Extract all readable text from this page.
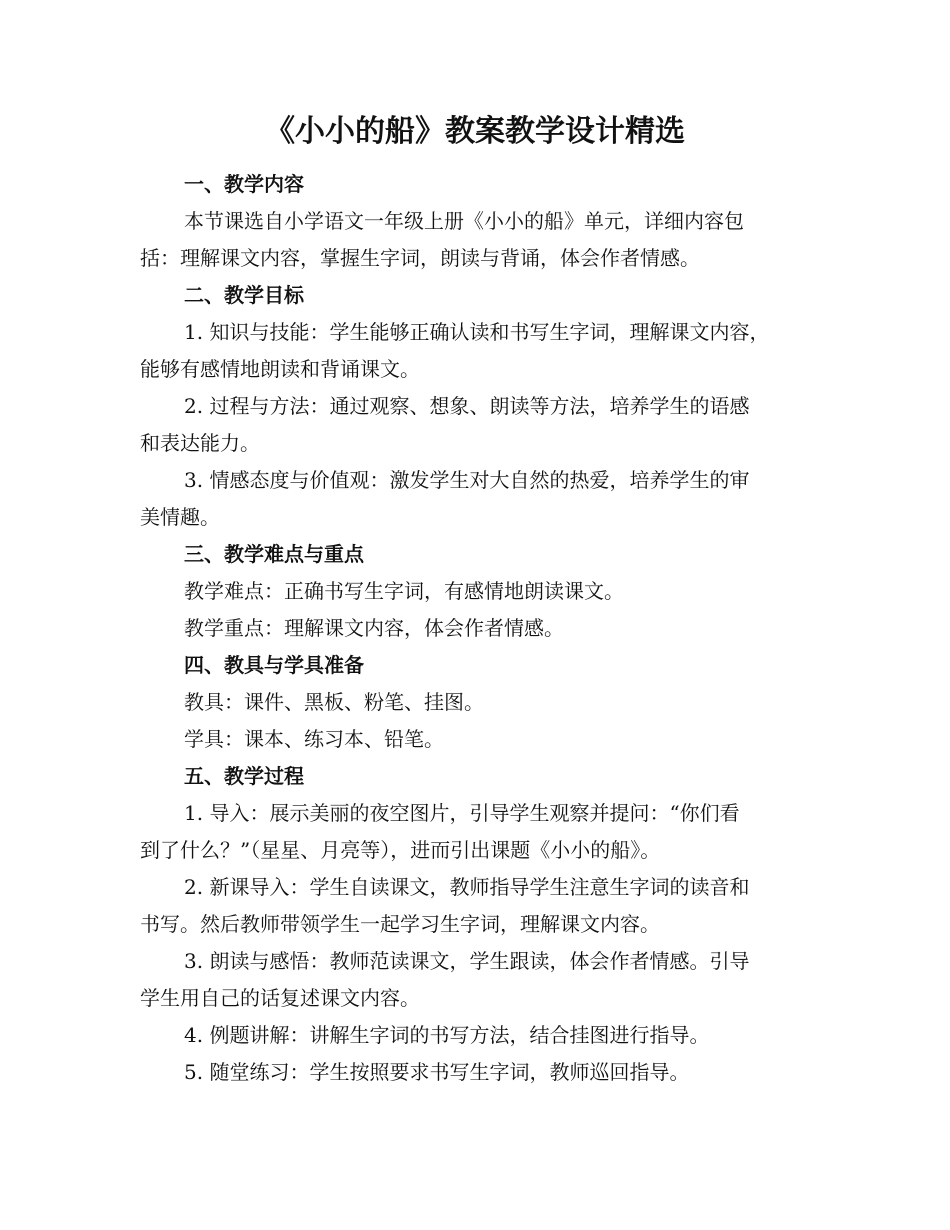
《小小的船》教案教学设计精选
一、教学内容
本节课选自小学语文一年级上册《小小的船》单元，详细内容包
括：理解课文内容，掌握生字词，朗读与背诵，体会作者情感。
二、教学目标
1. 知识与技能：学生能够正确认读和书写生字词，理解课文内容，
能够有感情地朗读和背诵课文。
2. 过程与方法：通过观察、想象、朗读等方法，培养学生的语感
和表达能力。
3. 情感态度与价值观：激发学生对大自然的热爱，培养学生的审
美情趣。
三、教学难点与重点
教学难点：正确书写生字词，有感情地朗读课文。
教学重点：理解课文内容，体会作者情感。
四、教具与学具准备
教具：课件、黑板、粉笔、挂图。
学具：课本、练习本、铅笔。
五、教学过程
1. 导入：展示美丽的夜空图片，引导学生观察并提问：“你们看
到了什么？”（星星、月亮等），进而引出课题《小小的船》。
2. 新课导入：学生自读课文，教师指导学生注意生字词的读音和
书写。然后教师带领学生一起学习生字词，理解课文内容。
3. 朗读与感悟：教师范读课文，学生跟读，体会作者情感。引导
学生用自己的话复述课文内容。
4. 例题讲解：讲解生字词的书写方法，结合挂图进行指导。
5. 随堂练习：学生按照要求书写生字词，教师巡回指导。
